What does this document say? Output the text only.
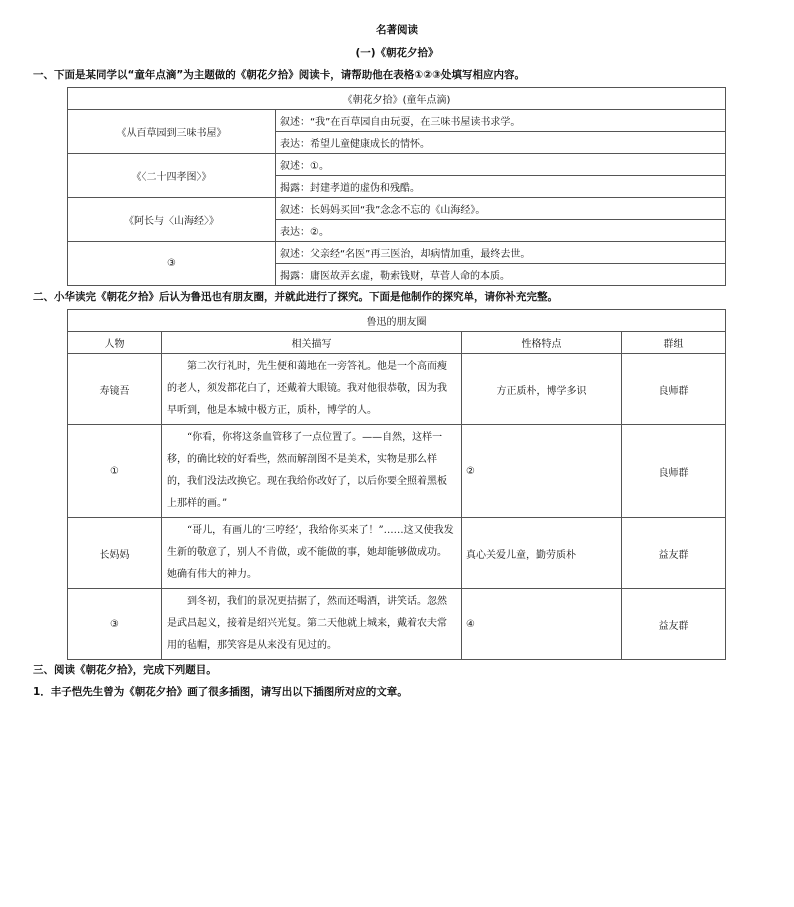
名著阅读
(一)《朝花夕拾》
一、下面是某同学以“童年点滴”为主题做的《朝花夕拾》阅读卡，请帮助他在表格①②③处填写相应内容。
《朝花夕拾》(童年点滴)	
《从百草园到三味书屋》	叙述：“我”在百草园自由玩耍，在三味书屋读书求学。
	表达：希望儿童健康成长的情怀。
《〈二十四孝图〉》	叙述：①。
	揭露：封建孝道的虚伪和残酷。
《阿长与〈山海经〉》	叙述：长妈妈买回“我”念念不忘的《山海经》。
	表达：②。
③	叙述：父亲经“名医”再三医治，却病情加重，最终去世。
	揭露：庸医故弄玄虚，勒索钱财，草菅人命的本质。
二、小华读完《朝花夕拾》后认为鲁迅也有朋友圈，并就此进行了探究。下面是他制作的探究单，请你补充完整。
鲁迅的朋友圈			
人物	相关描写	性格特点	群组
寿镜吾	第二次行礼时，先生便和蔼地在一旁答礼。他是一个高而瘦的老人，须发都花白了，还戴着大眼镜。我对他很恭敬，因为我早听到，他是本城中极方正，质朴，博学的人。	方正质朴，博学多识	良师群
①	“你看，你将这条血管移了一点位置了。——自然，这样一移，的确比较的好看些，然而解剖图不是美术，实物是那么样的，我们没法改换它。现在我给你改好了，以后你要全照着黑板上那样的画。”	②	良师群
长妈妈	“哥儿，有画儿的‘三哼经’，我给你买来了！”……这又使我发生新的敬意了，别人不肯做，或不能做的事，她却能够做成功。她确有伟大的神力。	真心关爱儿童，勤劳质朴	益友群
③	到冬初，我们的景况更拮据了，然而还喝酒，讲笑话。忽然是武昌起义，接着是绍兴光复。第二天他就上城来，戴着农夫常用的毡帽，那笑容是从来没有见过的。	④	益友群
三、阅读《朝花夕拾》，完成下列题目。
1．丰子恺先生曾为《朝花夕拾》画了很多插图，请写出以下插图所对应的文章。
